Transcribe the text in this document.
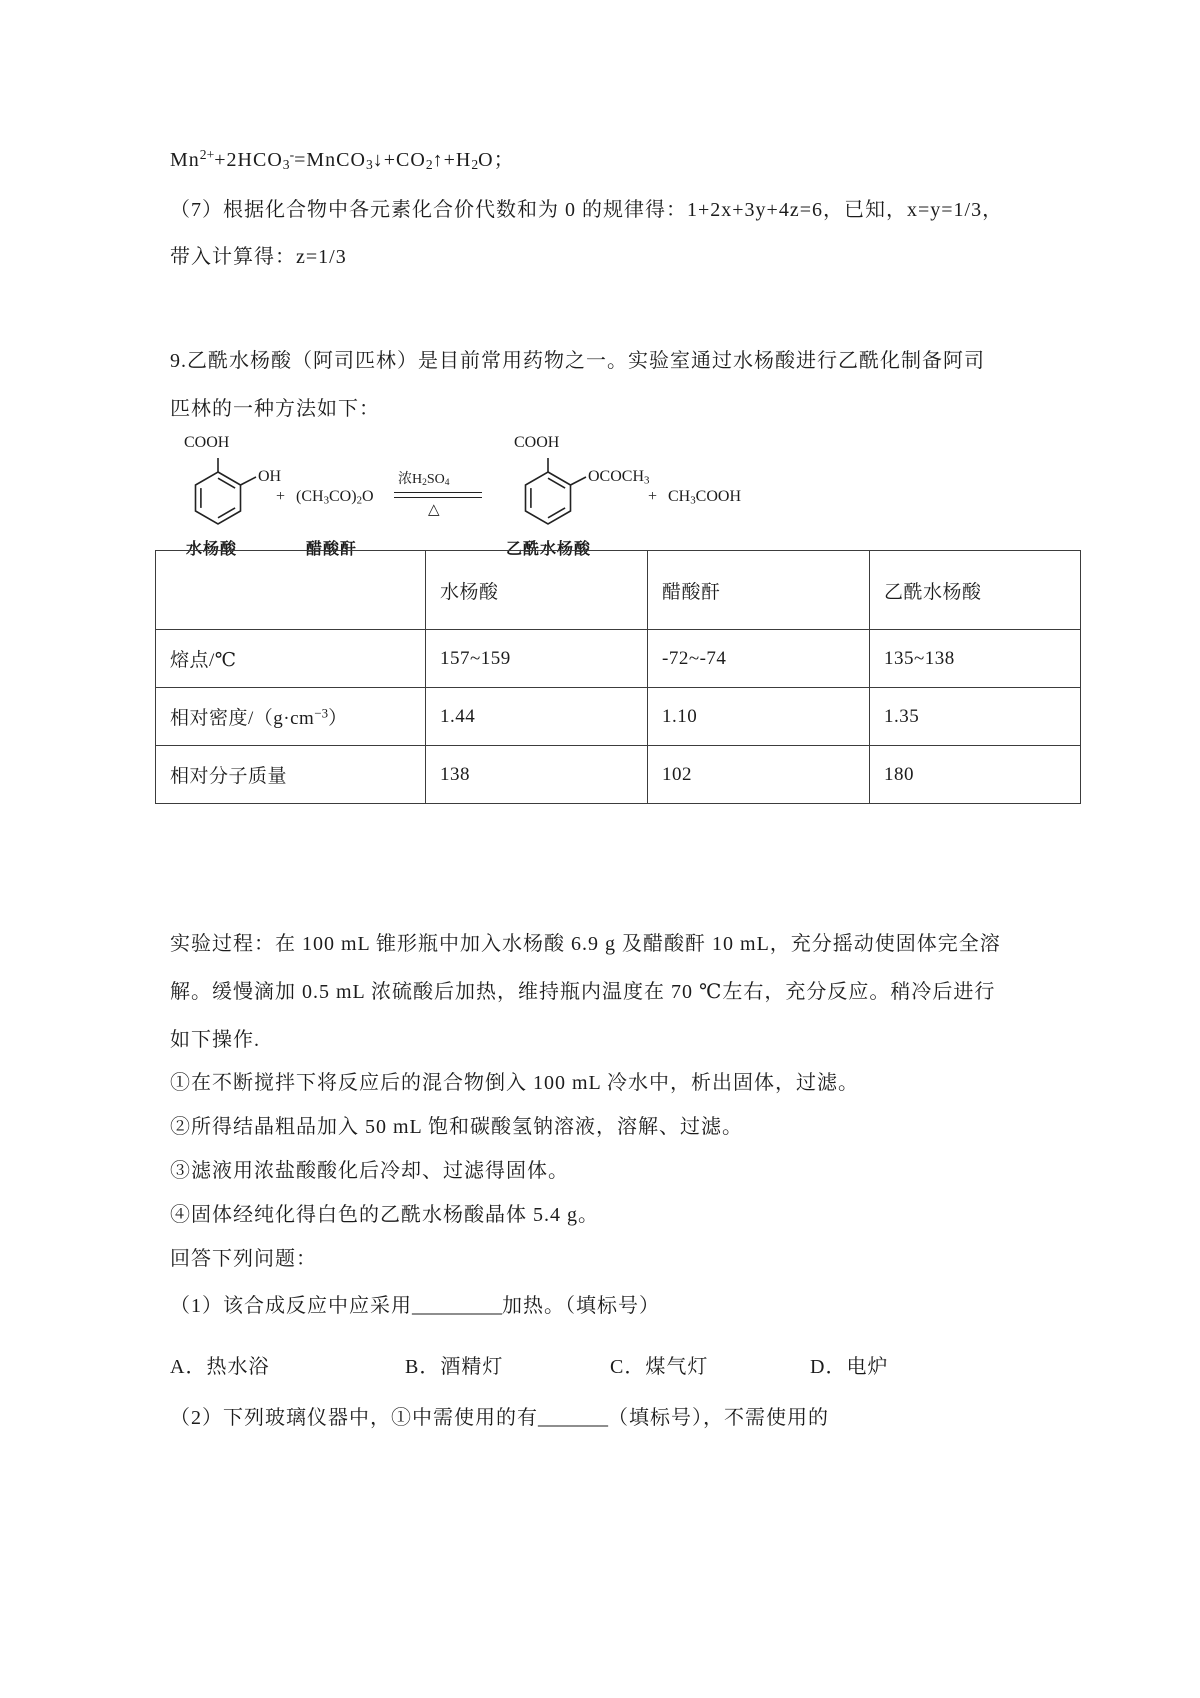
$Mn^{2+}+2HCO_3^-=MnCO_3↓+CO_2↑+H_2O$；
（7）根据化合物中各元素化合价代数和为 0 的规律得：1+2x+3y+4z=6，已知，x=y=1/3，
带入计算得：z=1/3
9.乙酰水杨酸（阿司匹林）是目前常用药物之一。实验室通过水杨酸进行乙酰化制备阿司
匹林的一种方法如下：
COOH
OH
水杨酸
+ $(CH_3CO)_2O$
醋酸酐
浓$H_2SO_4$
△
COOH
$OCOCH_3$
乙酰水杨酸
+ $CH_3COOH$
	水杨酸	醋酸酐	乙酰水杨酸
熔点/℃	157~159	-72~-74	135~138
相对密度$/(g\cdot cm^{-3})$	1.44	1.10	1.35
相对分子质量	138	102	180
实验过程：在 100 mL 锥形瓶中加入水杨酸 6.9 g 及醋酸酐 10 mL，充分摇动使固体完全溶
解。缓慢滴加 0.5 mL 浓硫酸后加热，维持瓶内温度在 70 ℃左右，充分反应。稍冷后进行
如下操作.
①在不断搅拌下将反应后的混合物倒入 100 mL 冷水中，析出固体，过滤。
②所得结晶粗品加入 50 mL 饱和碳酸氢钠溶液，溶解、过滤。
③滤液用浓盐酸酸化后冷却、过滤得固体。
④固体经纯化得白色的乙酰水杨酸晶体 5.4 g。
回答下列问题：
（1）该合成反应中应采用_________加热。（填标号）
A．热水浴	B．酒精灯	C．煤气灯	D．电炉
（2）下列玻璃仪器中，①中需使用的有_______（填标号），不需使用的
